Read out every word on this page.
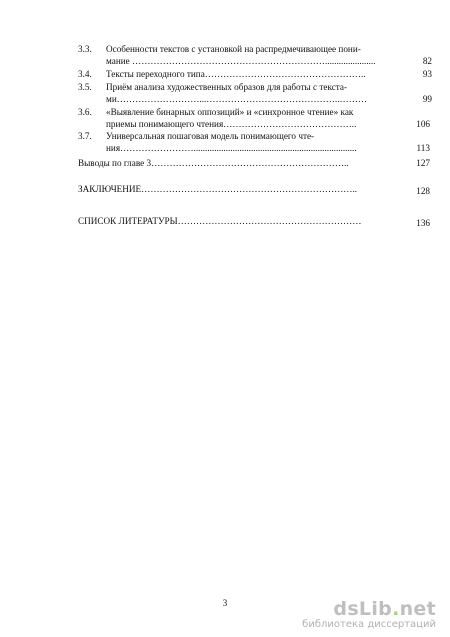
3.3. Особенности текстов с установкой на распредмечивающее пони-
мание ………………………………………………………......................	82
3.4. Тексты переходного типа……………………………………………..	93
3.5. Приём анализа художественных образов для работы с текста-
ми………………………...……………………………………..………	99
3.6. «Выявление бинарных оппозиций» и «синхронное чтение» как
приемы понимающего чтения……………………………………..	106
3.7. Универсальная пошаговая модель понимающего чте-
ния…………………….......................................................................	113
Выводы по главе 3………………………………………………………..	127
ЗАКЛЮЧЕНИЕ……………………………………………………………..	128
СПИСОК ЛИТЕРАТУРЫ……………………………………………………	136
3	dsLib.net
библиотека диссертаций
